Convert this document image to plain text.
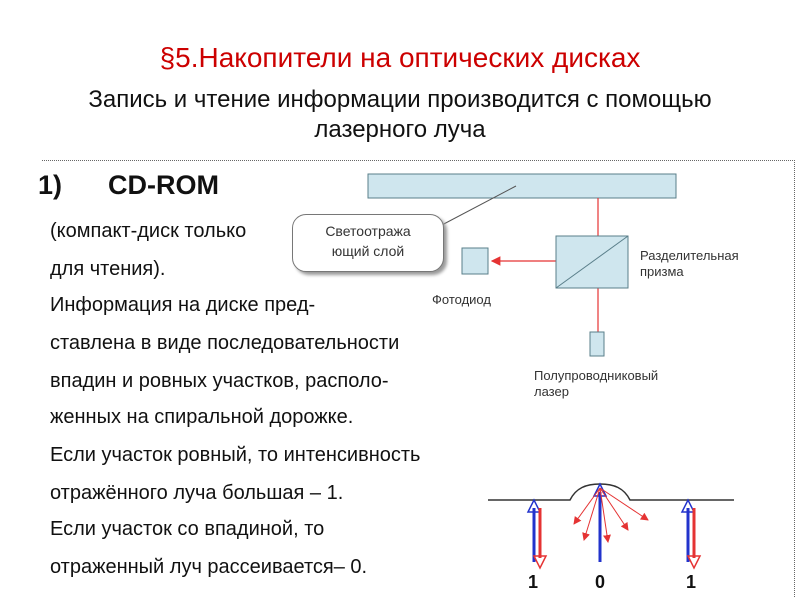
§5.Накопители на оптических дисках
Запись и чтение информации производится с помощью лазерного луча
1) CD-ROM
(компакт-диск только
для чтения).
Информация на диске пред-
ставлена в виде последовательности
впадин и ровных участков, располо-
женных на спиральной дорожке.
Если участок ровный, то интенсивность
отражённого луча большая – 1.
Если участок со впадиной, то
отраженный луч рассеивается– 0.
Светоотража
ющий слой
Фотодиод
Разделительная
призма
Полупроводниковый
лазер
1	0	1
